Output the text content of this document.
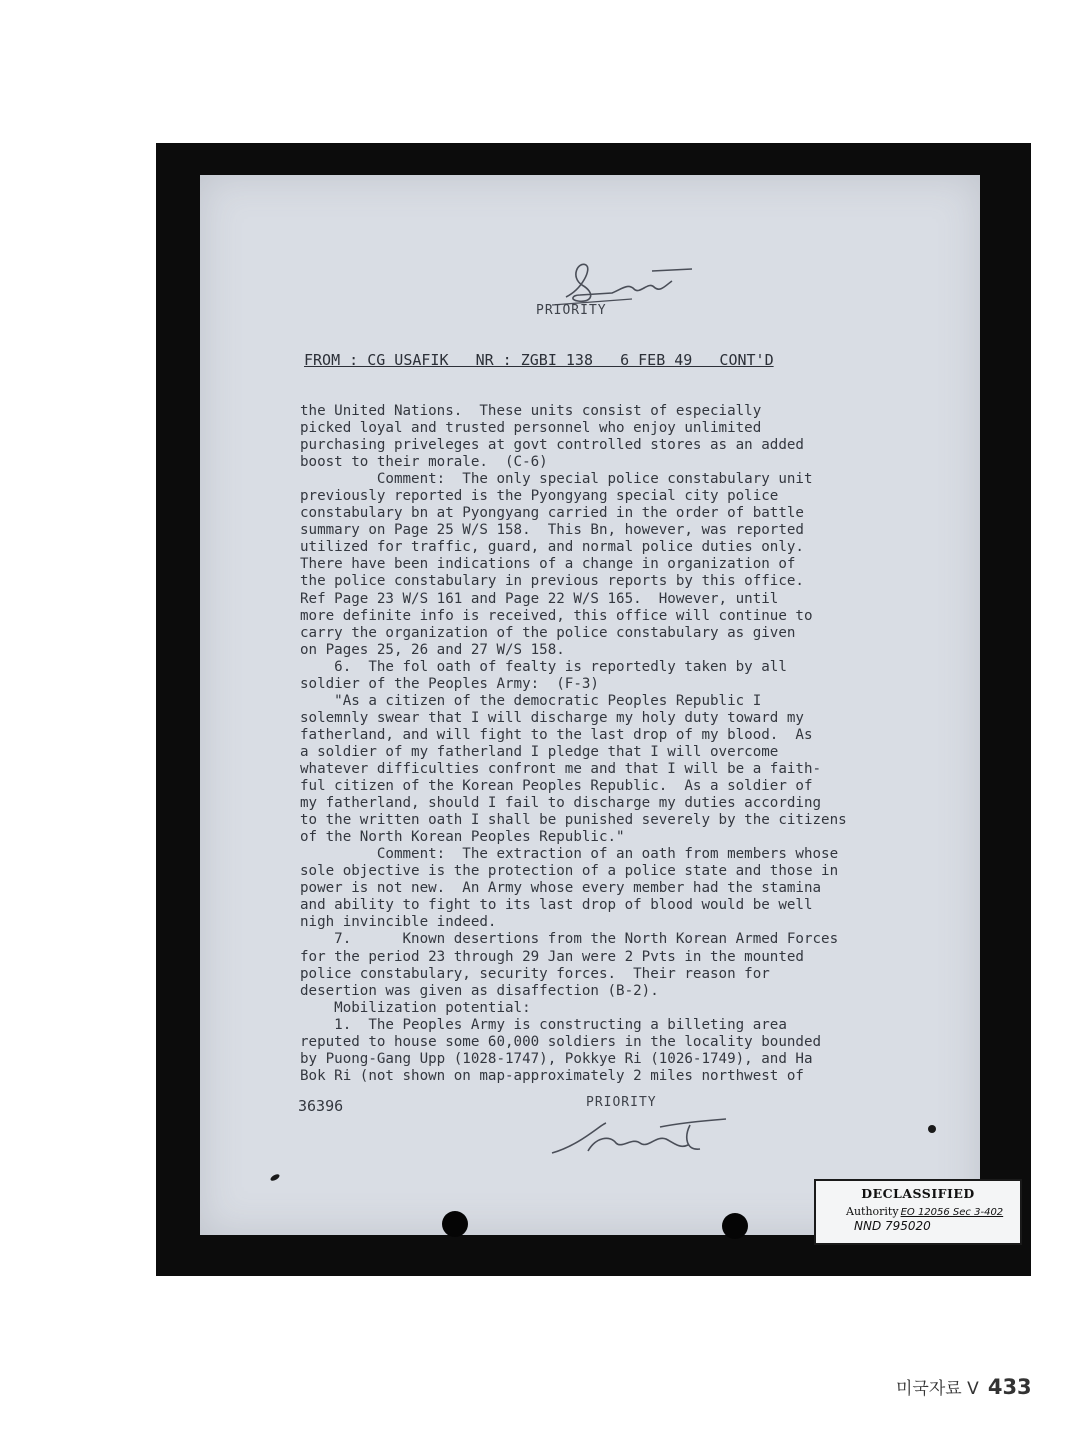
PRIORITY
FROM : CG USAFIK   NR : ZGBI 138   6 FEB 49   CONT'D
the United Nations.  These units consist of especially
picked loyal and trusted personnel who enjoy unlimited
purchasing priveleges at govt controlled stores as an added
boost to their morale.  (C-6)
Comment:  The only special police constabulary unit
previously reported is the Pyongyang special city police
constabulary bn at Pyongyang carried in the order of battle
summary on Page 25 W/S 158.  This Bn, however, was reported
utilized for traffic, guard, and normal police duties only.
There have been indications of a change in organization of
the police constabulary in previous reports by this office.
Ref Page 23 W/S 161 and Page 22 W/S 165.  However, until
more definite info is received, this office will continue to
carry the organization of the police constabulary as given
on Pages 25, 26 and 27 W/S 158.
6.  The fol oath of fealty is reportedly taken by all
soldier of the Peoples Army:  (F-3)
"As a citizen of the democratic Peoples Republic I
solemnly swear that I will discharge my holy duty toward my
fatherland, and will fight to the last drop of my blood.  As
a soldier of my fatherland I pledge that I will overcome
whatever difficulties confront me and that I will be a faith-
ful citizen of the Korean Peoples Republic.  As a soldier of
my fatherland, should I fail to discharge my duties according
to the written oath I shall be punished severely by the citizens
of the North Korean Peoples Republic."
Comment:  The extraction of an oath from members whose
sole objective is the protection of a police state and those in
power is not new.  An Army whose every member had the stamina
and ability to fight to its last drop of blood would be well
nigh invincible indeed.
7.      Known desertions from the North Korean Armed Forces
for the period 23 through 29 Jan were 2 Pvts in the mounted
police constabulary, security forces.  Their reason for
desertion was given as disaffection (B-2).
Mobilization potential:
1.  The Peoples Army is constructing a billeting area
reputed to house some 60,000 soldiers in the locality bounded
by Puong-Gang Upp (1028-1747), Pokkye Ri (1026-1749), and Ha
Bok Ri (not shown on map-approximately 2 miles northwest of
36396	PRIORITY
DECLASSIFIED
Authority EO 12056 Sec 3-402
NND 795020
미국자료 V 433
